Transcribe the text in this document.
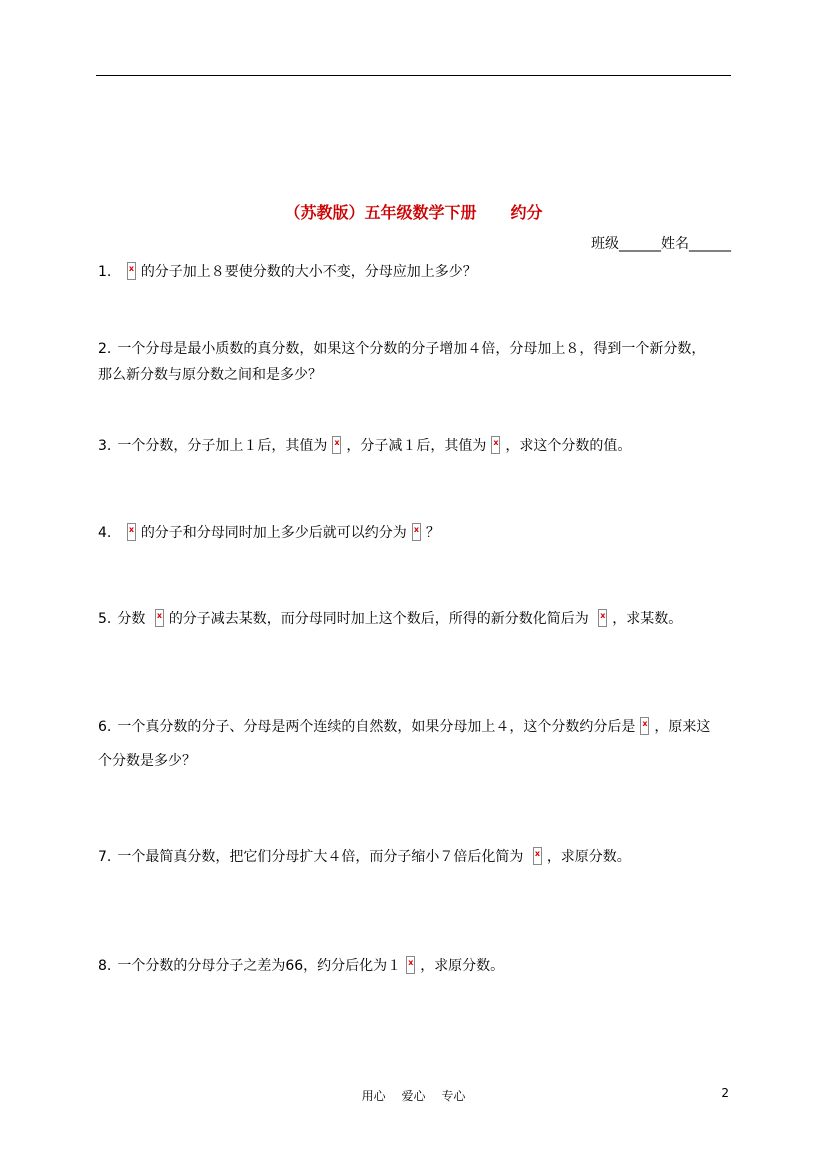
（苏教版）五年级数学下册 约分
班级______姓名______
1. x 的分子加上８要使分数的大小不变，分母应加上多少？
2. 一个分母是最小质数的真分数，如果这个分数的分子增加４倍，分母加上８，得到一个新分数，
那么新分数与原分数之间和是多少？
3. 一个分数，分子加上１后，其值为 x ，分子减１后，其值为 x ，求这个分数的值。
4. x 的分子和分母同时加上多少后就可以约分为 x ？
5. 分数 x 的分子减去某数，而分母同时加上这个数后，所得的新分数化简后为 x ，求某数。
6. 一个真分数的分子、分母是两个连续的自然数，如果分母加上４，这个分数约分后是 x ，原来这
个分数是多少？
7. 一个最简真分数，把它们分母扩大４倍，而分子缩小７倍后化简为 x ，求原分数。
8. 一个分数的分母分子之差为66，约分后化为１ x ，求原分数。
用心 爱心 专心	2
